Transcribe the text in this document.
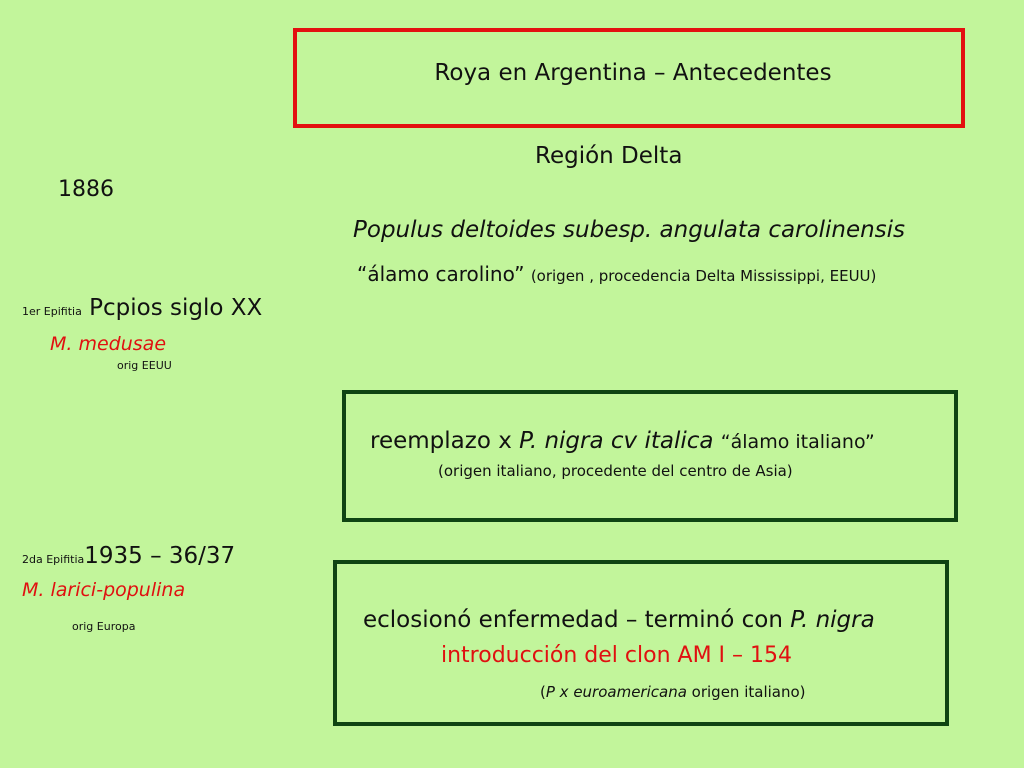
Roya en Argentina – Antecedentes
Región Delta
1886
Populus deltoides subesp. angulata carolinensis
“álamo carolino” (origen , procedencia Delta Mississippi, EEUU)
1er Epifitia Pcpios siglo XX
M. medusae
orig EEUU
reemplazo x P. nigra cv italica “álamo italiano”
(origen italiano, procedente del centro de Asia)
2da Epifitia1935 – 36/37
M. larici-populina
orig Europa	eclosionó enfermedad – terminó con P. nigra
introducción del clon AM I – 154
(P x euroamericana origen italiano)
